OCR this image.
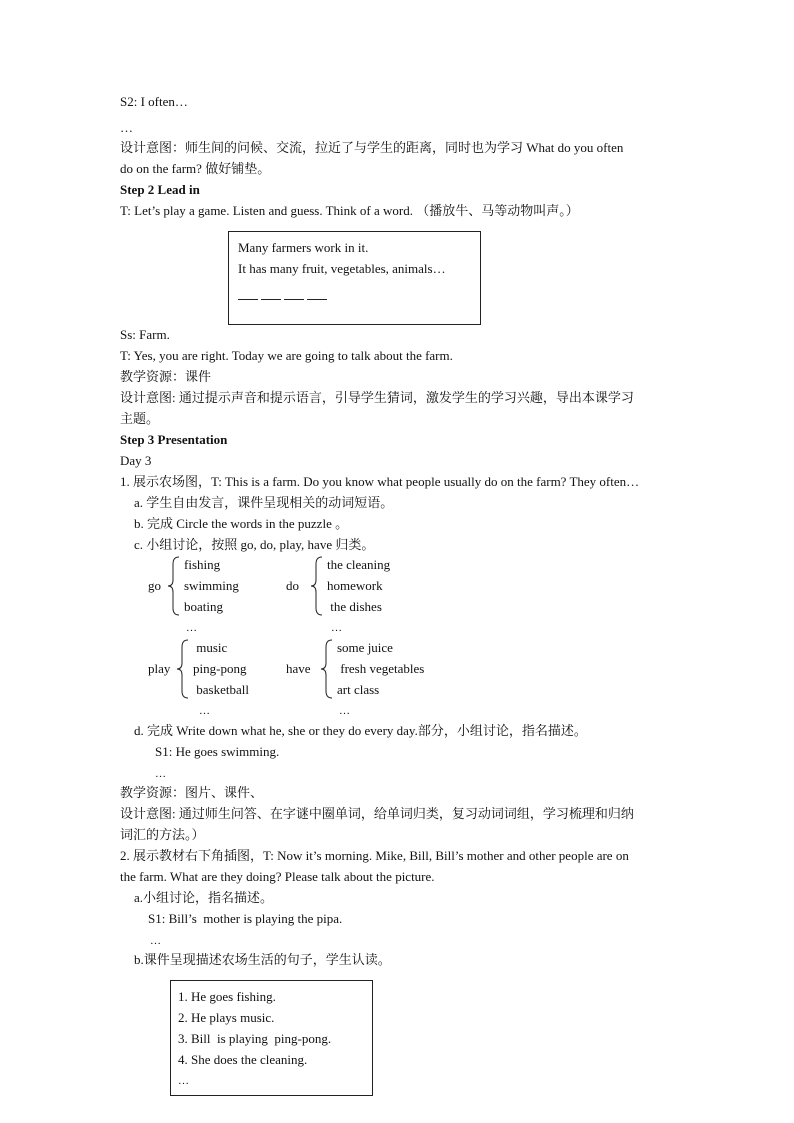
S2: I often…
…
设计意图：师生间的问候、交流，拉近了与学生的距离，同时也为学习 What do you often
do on the farm? 做好铺垫。
Step 2 Lead in
T: Let’s play a game. Listen and guess. Think of a word. （播放牛、马等动物叫声。）
Many farmers work in it.
It has many fruit, vegetables, animals…
Ss: Farm.
T: Yes, you are right. Today we are going to talk about the farm.
教学资源：课件
设计意图: 通过提示声音和提示语言，引导学生猜词，激发学生的学习兴趣，导出本课学习
主题。
Step 3 Presentation
Day 3
1. 展示农场图，T: This is a farm. Do you know what people usually do on the farm? They often…
a. 学生自由发言，课件呈现相关的动词短语。
b. 完成 Circle the words in the puzzle 。
c. 小组讨论，按照 go, do, play, have 归类。
go
fishing
swimming
boating
…
do
the cleaning
homework
the dishes
…
play
music
ping-pong
basketball
…
have
some juice
fresh vegetables
art class
…
d. 完成 Write down what he, she or they do every day.部分，小组讨论，指名描述。
S1: He goes swimming.
…
教学资源：图片、课件、
设计意图: 通过师生问答、在字谜中圈单词，给单词归类，复习动词词组，学习梳理和归纳
词汇的方法。）
2. 展示教材右下角插图，T: Now it’s morning. Mike, Bill, Bill’s mother and other people are on
the farm. What are they doing? Please talk about the picture.
a.小组讨论，指名描述。
S1: Bill’s  mother is playing the pipa.
…
b.课件呈现描述农场生活的句子，学生认读。
1. He goes fishing.
2. He plays music.
3. Bill  is playing  ping-pong.
4. She does the cleaning.
…
